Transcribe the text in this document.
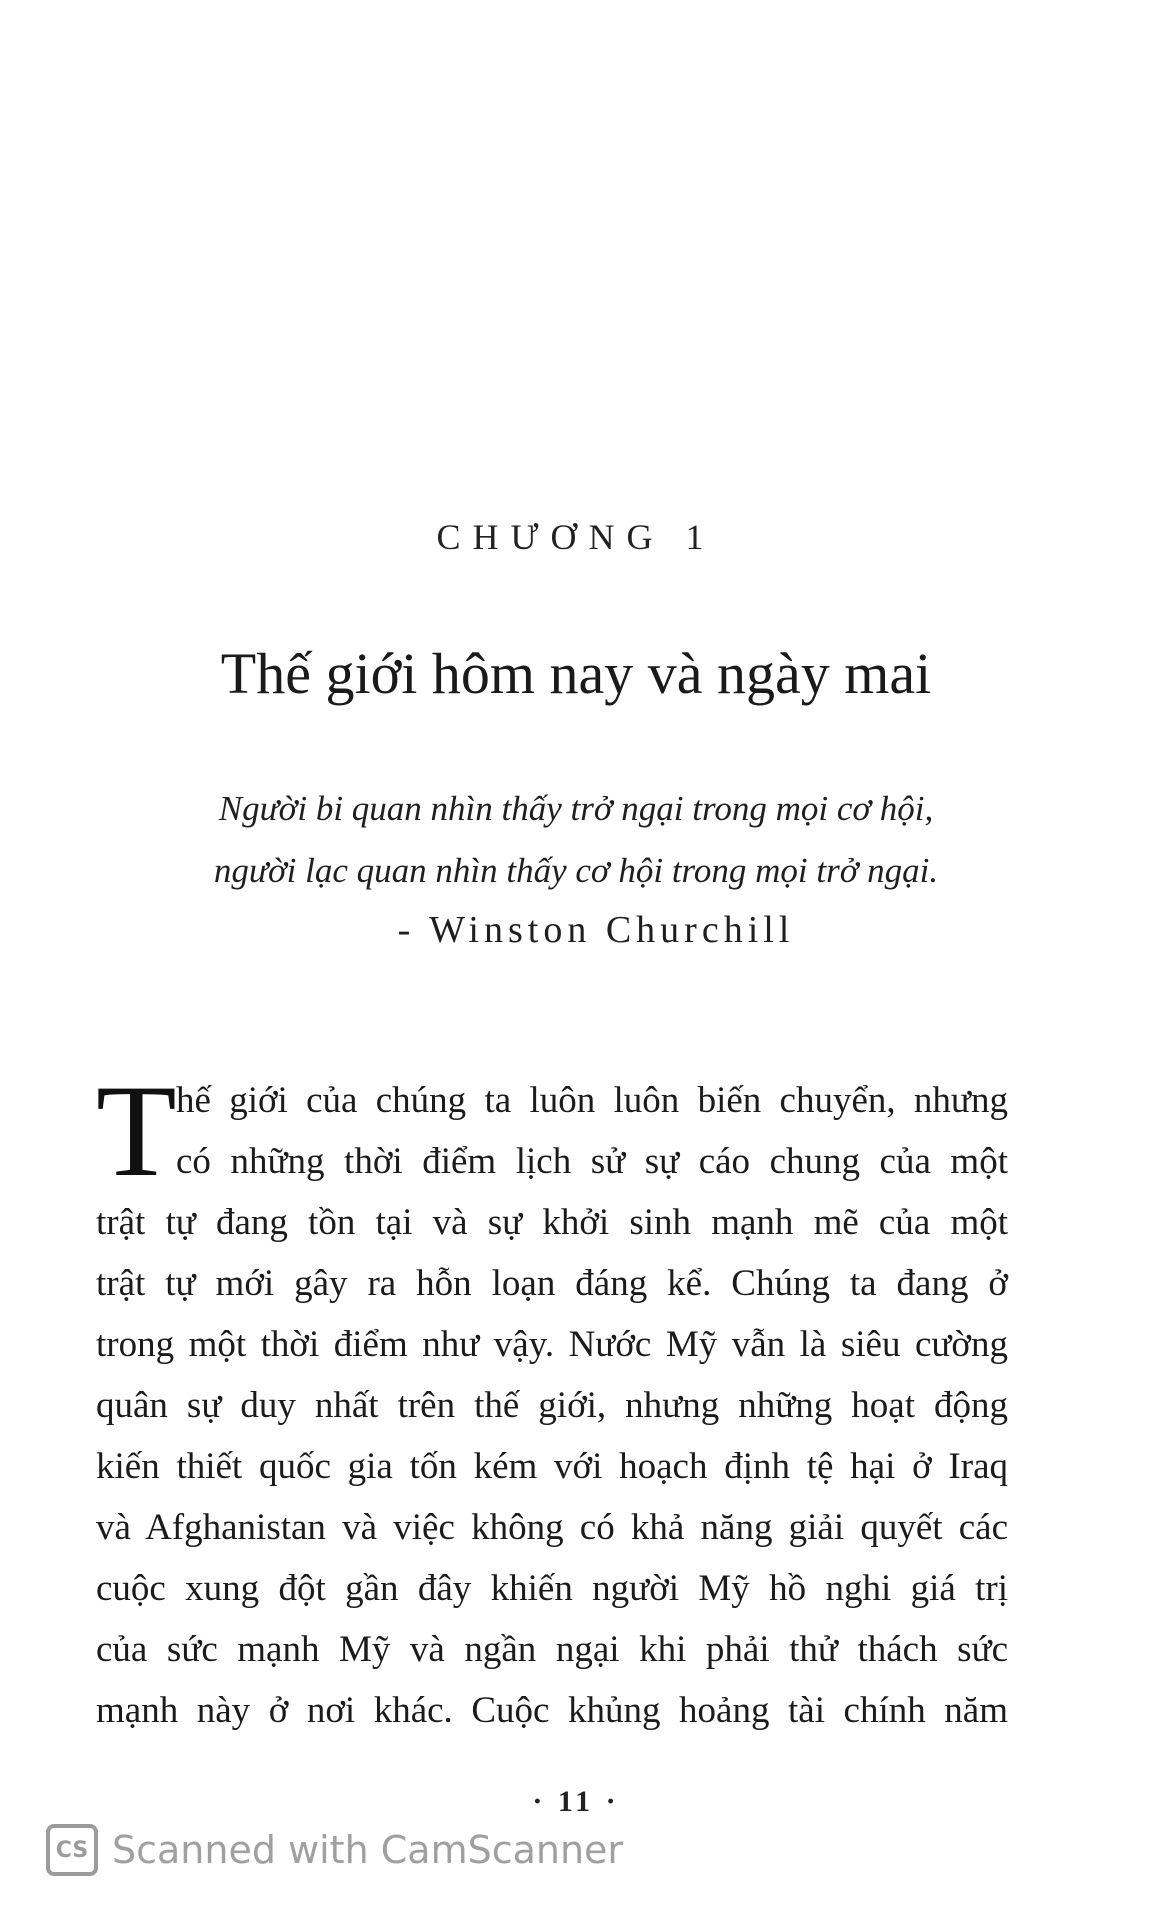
CHƯƠNG 1
Thế giới hôm nay và ngày mai
Người bi quan nhìn thấy trở ngại trong mọi cơ hội,
người lạc quan nhìn thấy cơ hội trong mọi trở ngại.
- Winston Churchill
T hế giới của chúng ta luôn luôn biến chuyển, nhưng
có những thời điểm lịch sử sự cáo chung của một
trật tự đang tồn tại và sự khởi sinh mạnh mẽ của một
trật tự mới gây ra hỗn loạn đáng kể. Chúng ta đang ở
trong một thời điểm như vậy. Nước Mỹ vẫn là siêu cường
quân sự duy nhất trên thế giới, nhưng những hoạt động
kiến thiết quốc gia tốn kém với hoạch định tệ hại ở Iraq
và Afghanistan và việc không có khả năng giải quyết các
cuộc xung đột gần đây khiến người Mỹ hồ nghi giá trị
của sức mạnh Mỹ và ngần ngại khi phải thử thách sức
mạnh này ở nơi khác. Cuộc khủng hoảng tài chính năm
· 11 ·
CS Scanned with CamScanner
